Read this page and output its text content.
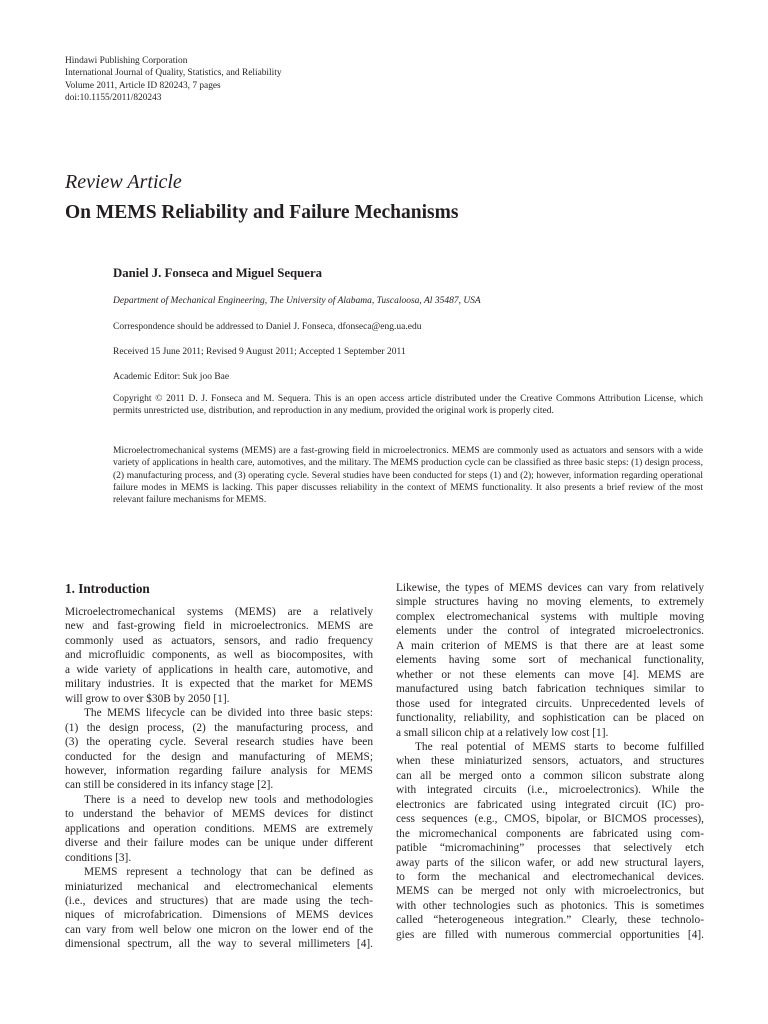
Hindawi Publishing Corporation
International Journal of Quality, Statistics, and Reliability
Volume 2011, Article ID 820243, 7 pages
doi:10.1155/2011/820243
Review Article
On MEMS Reliability and Failure Mechanisms
Daniel J. Fonseca and Miguel Sequera
Department of Mechanical Engineering, The University of Alabama, Tuscaloosa, Al 35487, USA
Correspondence should be addressed to Daniel J. Fonseca, dfonseca@eng.ua.edu
Received 15 June 2011; Revised 9 August 2011; Accepted 1 September 2011
Academic Editor: Suk joo Bae

Copyright © 2011 D. J. Fonseca and M. Sequera. This is an open access article distributed under the Creative Commons Attribution License, which permits unrestricted use, distribution, and reproduction in any medium, provided the original work is properly cited.

Microelectromechanical systems (MEMS) are a fast-growing field in microelectronics. MEMS are commonly used as actuators and sensors with a wide variety of applications in health care, automotives, and the military. The MEMS production cycle can be classified as three basic steps: (1) design process, (2) manufacturing process, and (3) operating cycle. Several studies have been conducted for steps (1) and (2); however, information regarding operational failure modes in MEMS is lacking. This paper discusses reliability in the context of MEMS functionality. It also presents a brief review of the most relevant failure mechanisms for MEMS.

1. Introduction
Microelectromechanical systems (MEMS) are a relatively
new and fast-growing field in microelectronics. MEMS are
commonly used as actuators, sensors, and radio frequency
and microfluidic components, as well as biocomposites, with
a wide variety of applications in health care, automotive, and
military industries. It is expected that the market for MEMS
will grow to over $30B by 2050 [1].
The MEMS lifecycle can be divided into three basic steps:
(1) the design process, (2) the manufacturing process, and
(3) the operating cycle. Several research studies have been
conducted for the design and manufacturing of MEMS;
however, information regarding failure analysis for MEMS
can still be considered in its infancy stage [2].
There is a need to develop new tools and methodologies
to understand the behavior of MEMS devices for distinct
applications and operation conditions. MEMS are extremely
diverse and their failure modes can be unique under different
conditions [3].
MEMS represent a technology that can be defined as
miniaturized mechanical and electromechanical elements
(i.e., devices and structures) that are made using the tech-
niques of microfabrication. Dimensions of MEMS devices
can vary from well below one micron on the lower end of the
dimensional spectrum, all the way to several millimeters [4].
Likewise, the types of MEMS devices can vary from relatively
simple structures having no moving elements, to extremely
complex electromechanical systems with multiple moving
elements under the control of integrated microelectronics.
A main criterion of MEMS is that there are at least some
elements having some sort of mechanical functionality,
whether or not these elements can move [4]. MEMS are
manufactured using batch fabrication techniques similar to
those used for integrated circuits. Unprecedented levels of
functionality, reliability, and sophistication can be placed on
a small silicon chip at a relatively low cost [1].
The real potential of MEMS starts to become fulfilled
when these miniaturized sensors, actuators, and structures
can all be merged onto a common silicon substrate along
with integrated circuits (i.e., microelectronics). While the
electronics are fabricated using integrated circuit (IC) pro-
cess sequences (e.g., CMOS, bipolar, or BICMOS processes),
the micromechanical components are fabricated using com-
patible “micromachining” processes that selectively etch
away parts of the silicon wafer, or add new structural layers,
to form the mechanical and electromechanical devices.
MEMS can be merged not only with microelectronics, but
with other technologies such as photonics. This is sometimes
called “heterogeneous integration.” Clearly, these technolo-
gies are filled with numerous commercial opportunities [4].
